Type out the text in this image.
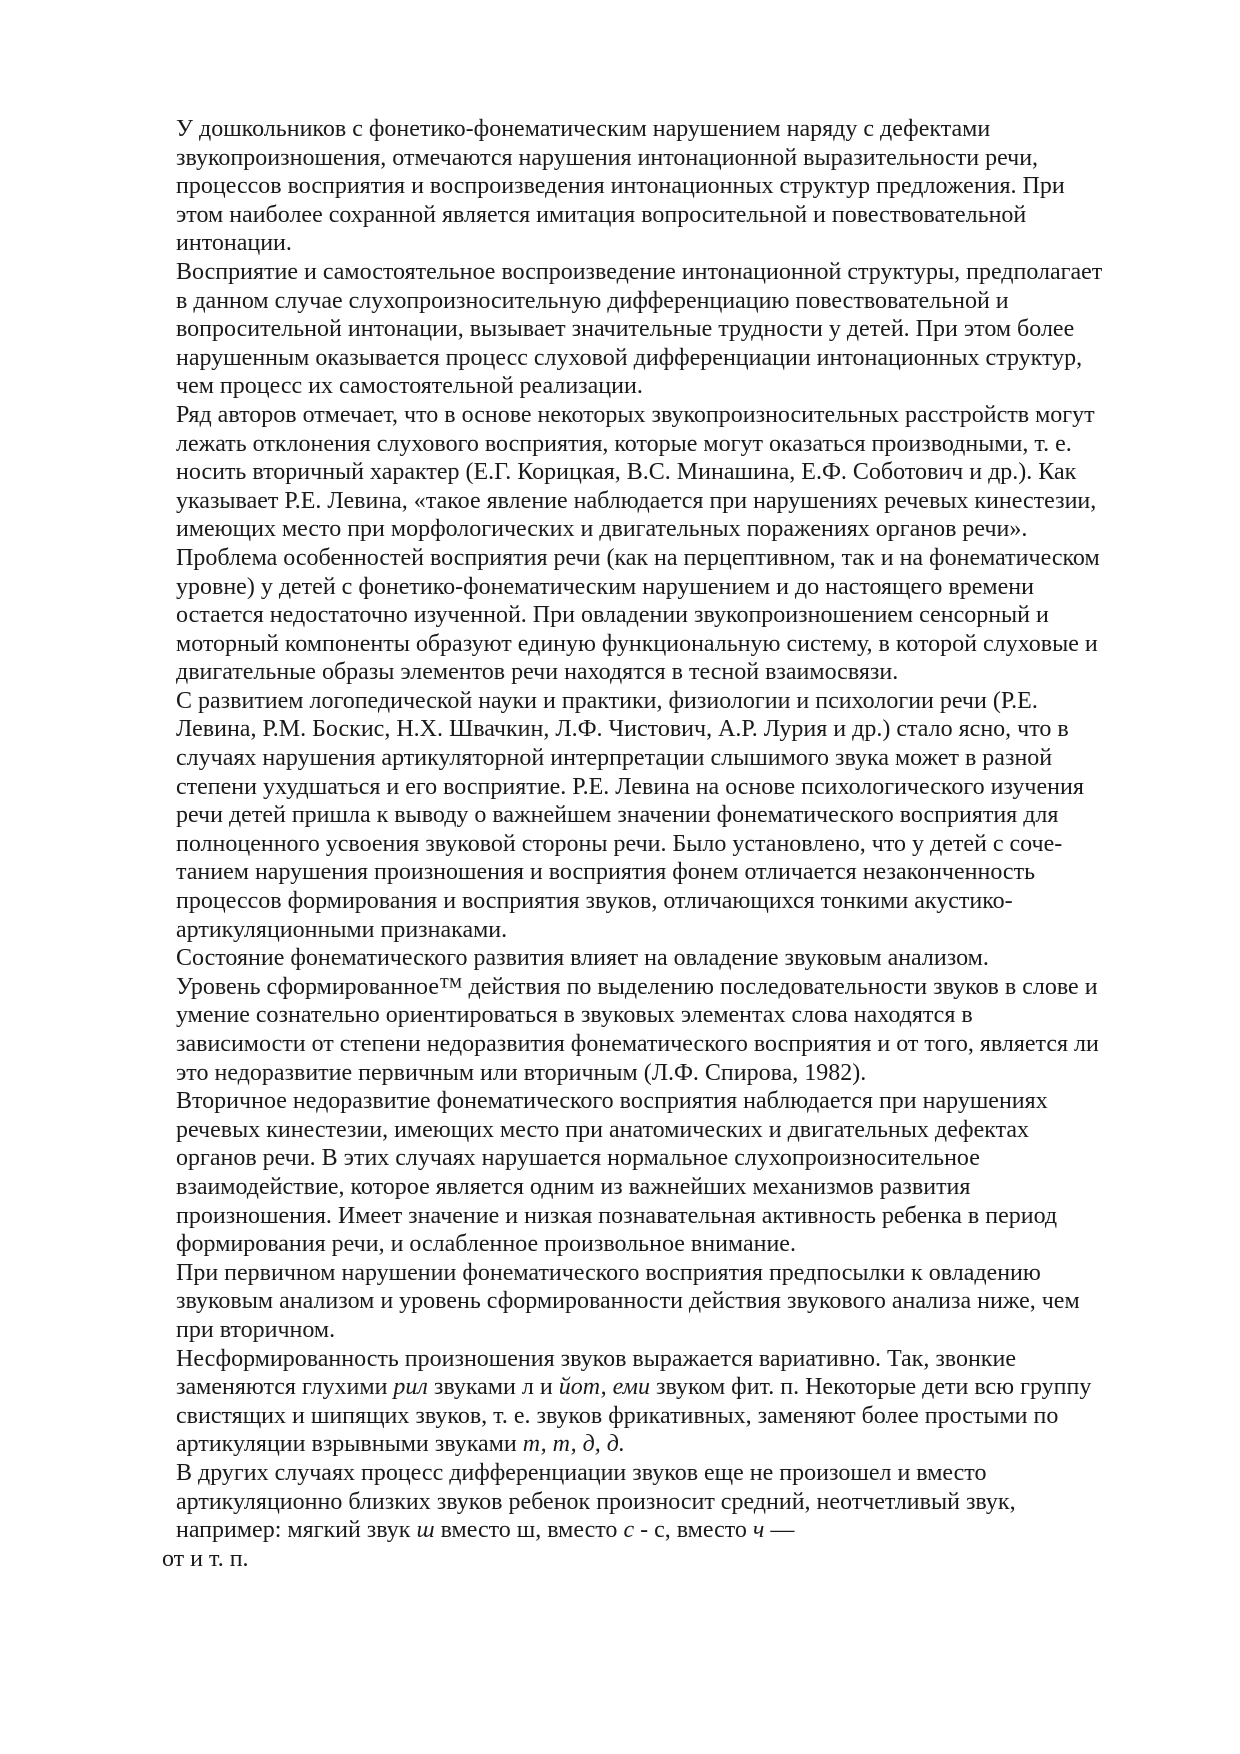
У дошкольников с фонетико-фонематическим нарушением наряду с дефектами
звукопроизношения, отмечаются нарушения интонационной выразительности речи,
процессов восприятия и воспроизведения интонационных структур предложения. При
этом наиболее сохранной является имитация вопросительной и повествовательной
интонации.

Восприятие и самостоятельное воспроизведение интонационной структуры, предполагает
в данном случае слухопроизносительную дифференциацию повествовательной и
вопросительной интонации, вызывает значительные трудности у детей. При этом более
нарушенным оказывается процесс слуховой дифференциации интонационных структур,
чем процесс их самостоятельной реализации.

Ряд авторов отмечает, что в основе некоторых звукопроизносительных расстройств могут
лежать отклонения слухового восприятия, которые могут оказаться производными, т. е.
носить вторичный характер (Е.Г. Корицкая, В.С. Минашина, Е.Ф. Соботович и др.). Как
указывает Р.Е. Левина, «такое явление наблюдается при нарушениях речевых кинестезии,
имеющих место при морфологических и двигательных поражениях органов речи».

Проблема особенностей восприятия речи (как на перцептивном, так и на фонематическом
уровне) у детей с фонетико-фонематическим нарушением и до настоящего времени
остается недостаточно изученной. При овладении звукопроизношением сенсорный и
моторный компоненты образуют единую функциональную систему, в которой слуховые и
двигательные образы элементов речи находятся в тесной взаимосвязи.

С развитием логопедической науки и практики, физиологии и психологии речи (Р.Е.
Левина, Р.М. Боскис, Н.Х. Швачкин, Л.Ф. Чистович, А.Р. Лурия и др.) стало ясно, что в
случаях нарушения артикуляторной интерпретации слышимого звука может в разной
степени ухудшаться и его восприятие. Р.Е. Левина на основе психологического изучения
речи детей пришла к выводу о важнейшем значении фонематического восприятия для
полноценного усвоения звуковой стороны речи. Было установлено, что у детей с соче-
танием нарушения произношения и восприятия фонем отличается незаконченность
процессов формирования и восприятия звуков, отличающихся тонкими акустико-
артикуляционными признаками.

Состояние фонематического развития влияет на овладение звуковым анализом.

Уровень сформированное™ действия по выделению последовательности звуков в слове и
умение сознательно ориентироваться в звуковых элементах слова находятся в
зависимости от степени недоразвития фонематического восприятия и от того, является ли
это недоразвитие первичным или вторичным (Л.Ф. Спирова, 1982).

Вторичное недоразвитие фонематического восприятия наблюдается при нарушениях
речевых кинестезии, имеющих место при анатомических и двигательных дефектах
органов речи. В этих случаях нарушается нормальное слухопроизносительное
взаимодействие, которое является одним из важнейших механизмов развития
произношения. Имеет значение и низкая познавательная активность ребенка в период
формирования речи, и ослабленное произвольное внимание.

При первичном нарушении фонематического восприятия предпосылки к овладению
звуковым анализом и уровень сформированности действия звукового анализа ниже, чем
при вторичном.

Несформированность произношения звуков выражается вариативно. Так, звонкие
заменяются глухими рил звуками л и йот, еми звуком фит. п. Некоторые дети всю группу
свистящих и шипящих звуков, т. е. звуков фрикативных, заменяют более простыми по
артикуляции взрывными звуками т, т, д, д.

В других случаях процесс дифференциации звуков еще не произошел и вместо
артикуляционно близких звуков ребенок произносит средний, неотчетливый звук,
например: мягкий звук ш вместо ш, вместо с - с, вместо ч —
от и т. п.
